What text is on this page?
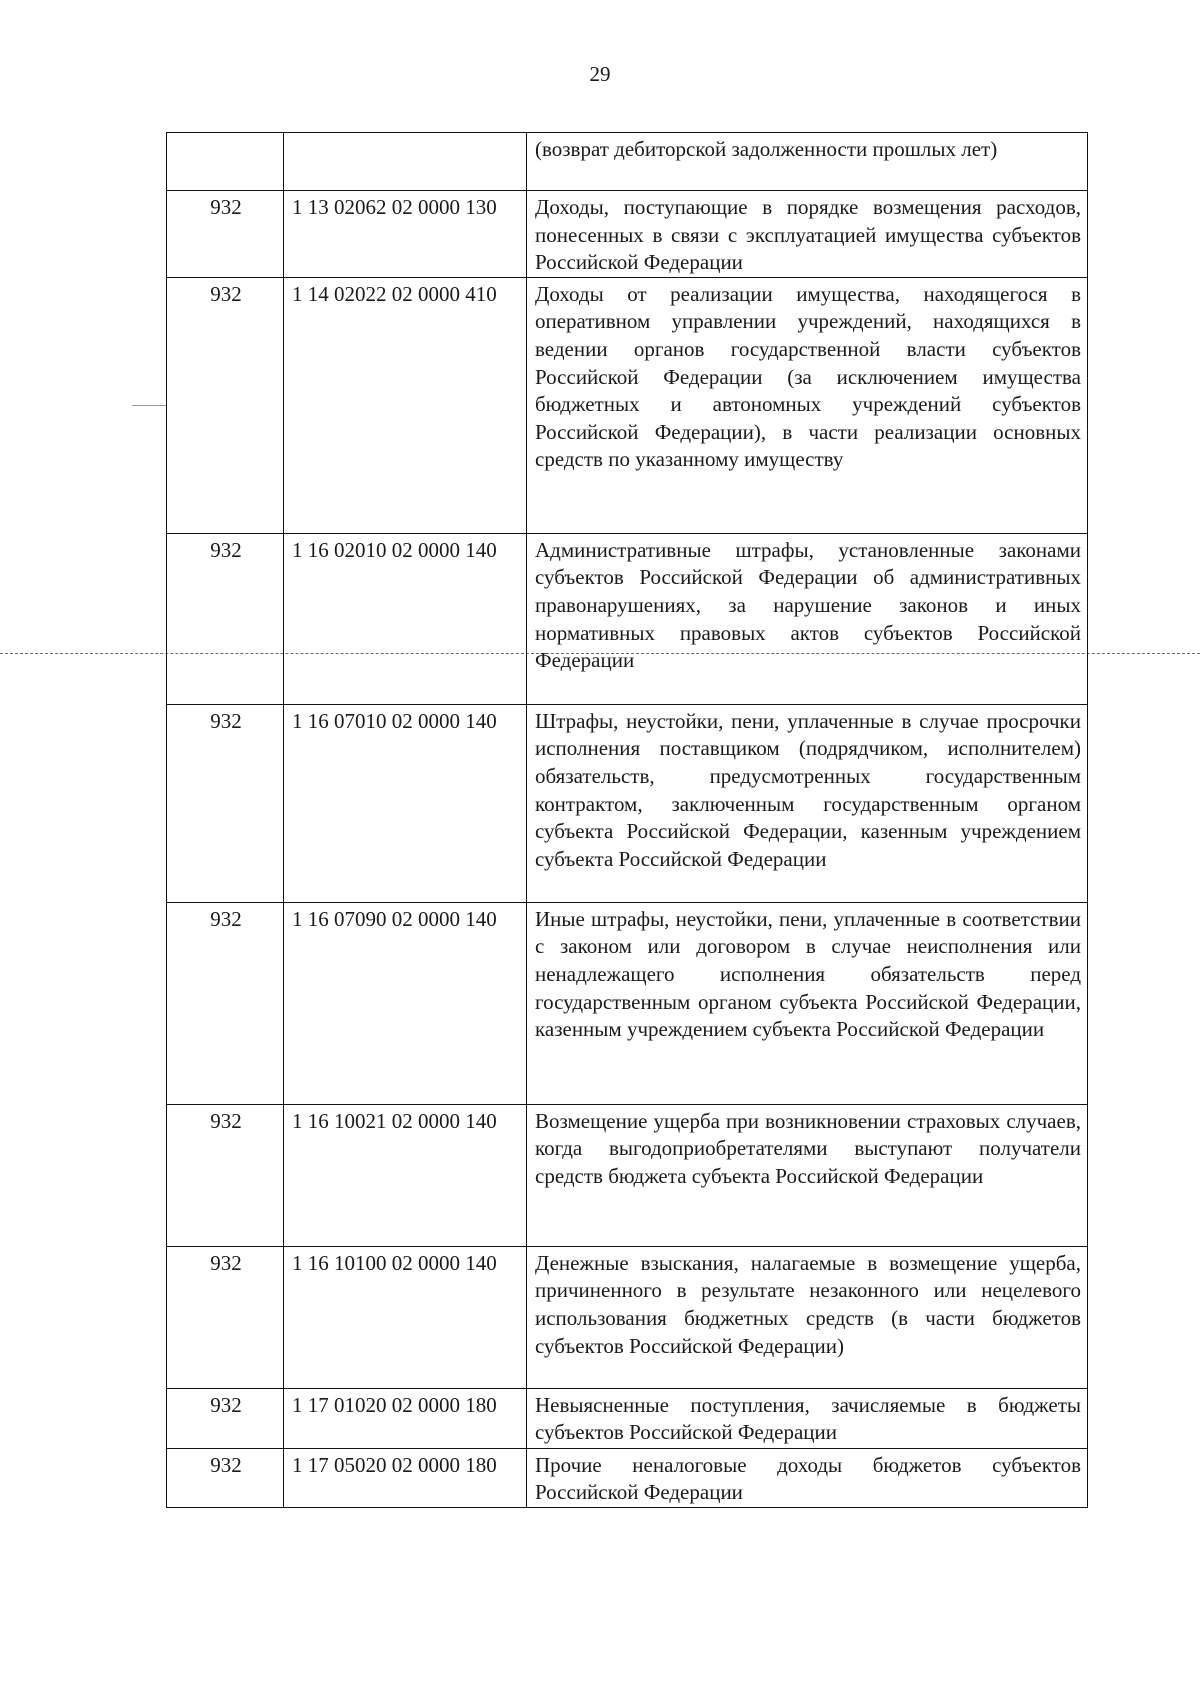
29
		(возврат дебиторской задолженности прошлых лет)
932	1 13 02062 02 0000 130	Доходы, поступающие в порядке возмещения расходов, понесенных в связи с эксплуатацией имущества субъектов Российской Федерации
932	1 14 02022 02 0000 410	Доходы от реализации имущества, находящегося в оперативном управлении учреждений, находящихся в ведении органов государственной власти субъектов Российской Федерации (за исключением имущества бюджетных и автономных учреждений субъектов Российской Федерации), в части реализации основных средств по указанному имуществу
932	1 16 02010 02 0000 140	Административные штрафы, установленные законами субъектов Российской Федерации об административных правонарушениях, за нарушение законов и иных нормативных правовых актов субъектов Российской Федерации
932	1 16 07010 02 0000 140	Штрафы, неустойки, пени, уплаченные в случае просрочки исполнения поставщиком (подрядчиком, исполнителем) обязательств, предусмотренных государственным контрактом, заключенным государственным органом субъекта Российской Федерации, казенным учреждением субъекта Российской Федерации
932	1 16 07090 02 0000 140	Иные штрафы, неустойки, пени, уплаченные в соответствии с законом или договором в случае неисполнения или ненадлежащего исполнения обязательств перед государственным органом субъекта Российской Федерации, казенным учреждением субъекта Российской Федерации
932	1 16 10021 02 0000 140	Возмещение ущерба при возникновении страховых случаев, когда выгодоприобретателями выступают получатели средств бюджета субъекта Российской Федерации
932	1 16 10100 02 0000 140	Денежные взыскания, налагаемые в возмещение ущерба, причиненного в результате незаконного или нецелевого использования бюджетных средств (в части бюджетов субъектов Российской Федерации)
932	1 17 01020 02 0000 180	Невыясненные поступления, зачисляемые в бюджеты субъектов Российской Федерации
932	1 17 05020 02 0000 180	Прочие неналоговые доходы бюджетов субъектов Российской Федерации
